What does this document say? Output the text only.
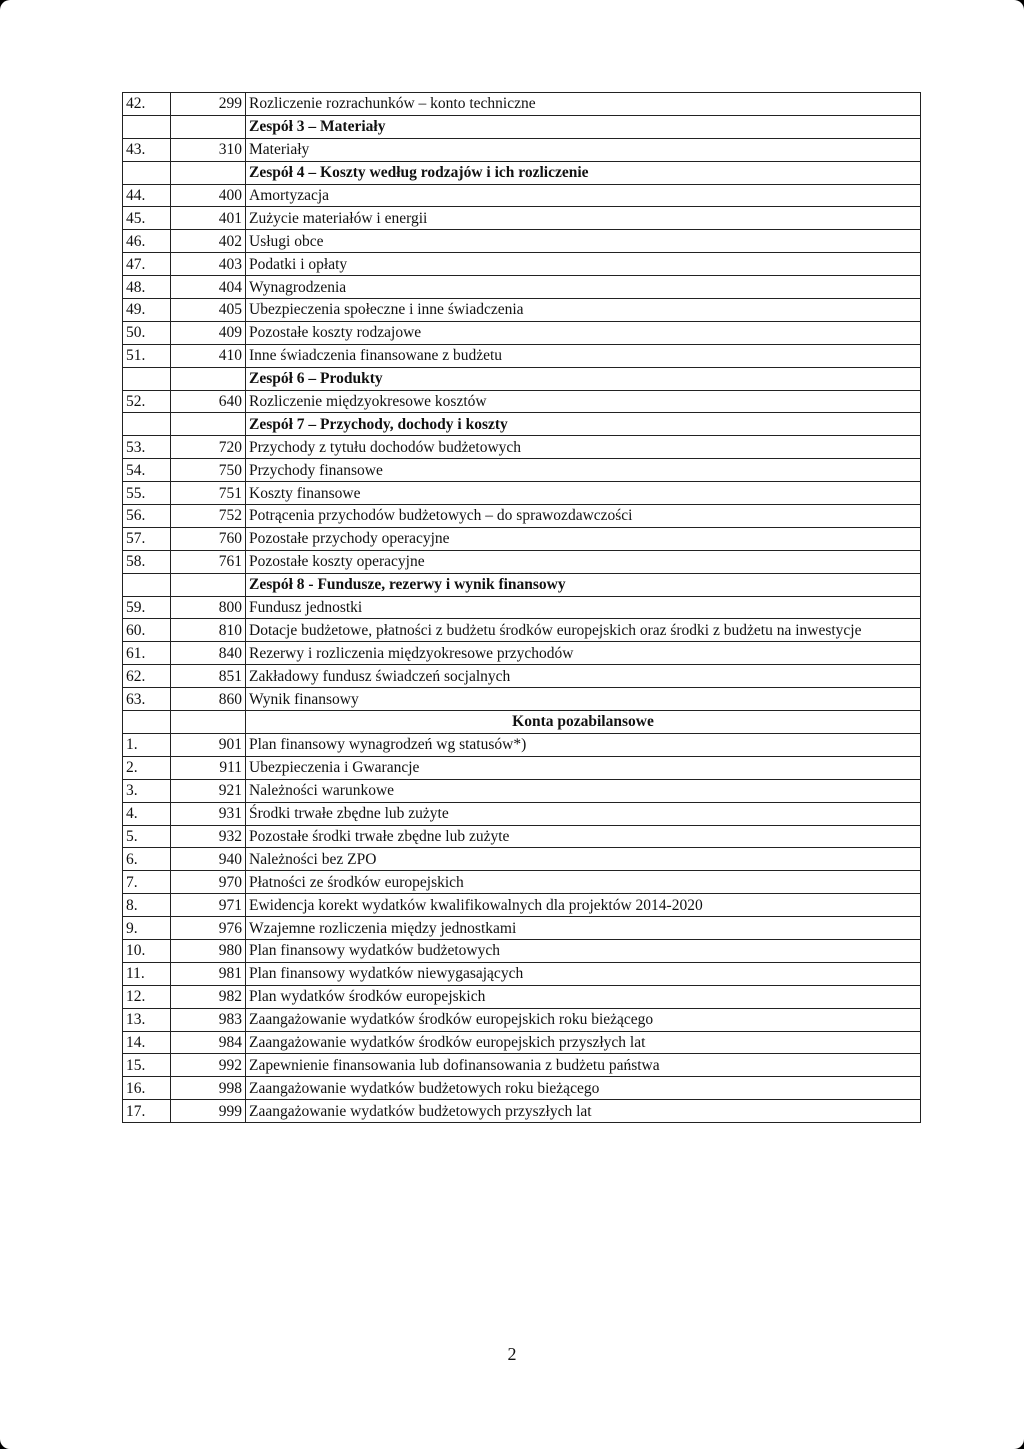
42.	299	Rozliczenie rozrachunków – konto techniczne
		Zespół 3 – Materiały
43.	310	Materiały
		Zespół 4 – Koszty według rodzajów i ich rozliczenie
44.	400	Amortyzacja
45.	401	Zużycie materiałów i energii
46.	402	Usługi obce
47.	403	Podatki i opłaty
48.	404	Wynagrodzenia
49.	405	Ubezpieczenia społeczne i inne świadczenia
50.	409	Pozostałe koszty rodzajowe
51.	410	Inne świadczenia finansowane z budżetu
		Zespół 6 – Produkty
52.	640	Rozliczenie międzyokresowe kosztów
		Zespół 7 – Przychody, dochody i koszty
53.	720	Przychody z tytułu dochodów budżetowych
54.	750	Przychody finansowe
55.	751	Koszty finansowe
56.	752	Potrącenia przychodów budżetowych – do sprawozdawczości
57.	760	Pozostałe przychody operacyjne
58.	761	Pozostałe koszty operacyjne
		Zespół 8 - Fundusze, rezerwy i wynik finansowy
59.	800	Fundusz jednostki
60.	810	Dotacje budżetowe, płatności z budżetu środków europejskich oraz środki z budżetu na inwestycje
61.	840	Rezerwy i rozliczenia międzyokresowe przychodów
62.	851	Zakładowy fundusz świadczeń socjalnych
63.	860	Wynik finansowy
		Konta pozabilansowe
1.	901	Plan finansowy wynagrodzeń wg statusów*)
2.	911	Ubezpieczenia i Gwarancje
3.	921	Należności warunkowe
4.	931	Środki trwałe zbędne lub zużyte
5.	932	Pozostałe środki trwałe zbędne lub zużyte
6.	940	Należności bez ZPO
7.	970	Płatności ze środków europejskich
8.	971	Ewidencja korekt wydatków kwalifikowalnych dla projektów 2014-2020
9.	976	Wzajemne rozliczenia między jednostkami
10.	980	Plan finansowy wydatków budżetowych
11.	981	Plan finansowy wydatków niewygasających
12.	982	Plan wydatków środków europejskich
13.	983	Zaangażowanie wydatków środków europejskich roku bieżącego
14.	984	Zaangażowanie wydatków środków europejskich przyszłych lat
15.	992	Zapewnienie finansowania lub dofinansowania z budżetu państwa
16.	998	Zaangażowanie wydatków budżetowych roku bieżącego
17.	999	Zaangażowanie wydatków budżetowych przyszłych lat
2
